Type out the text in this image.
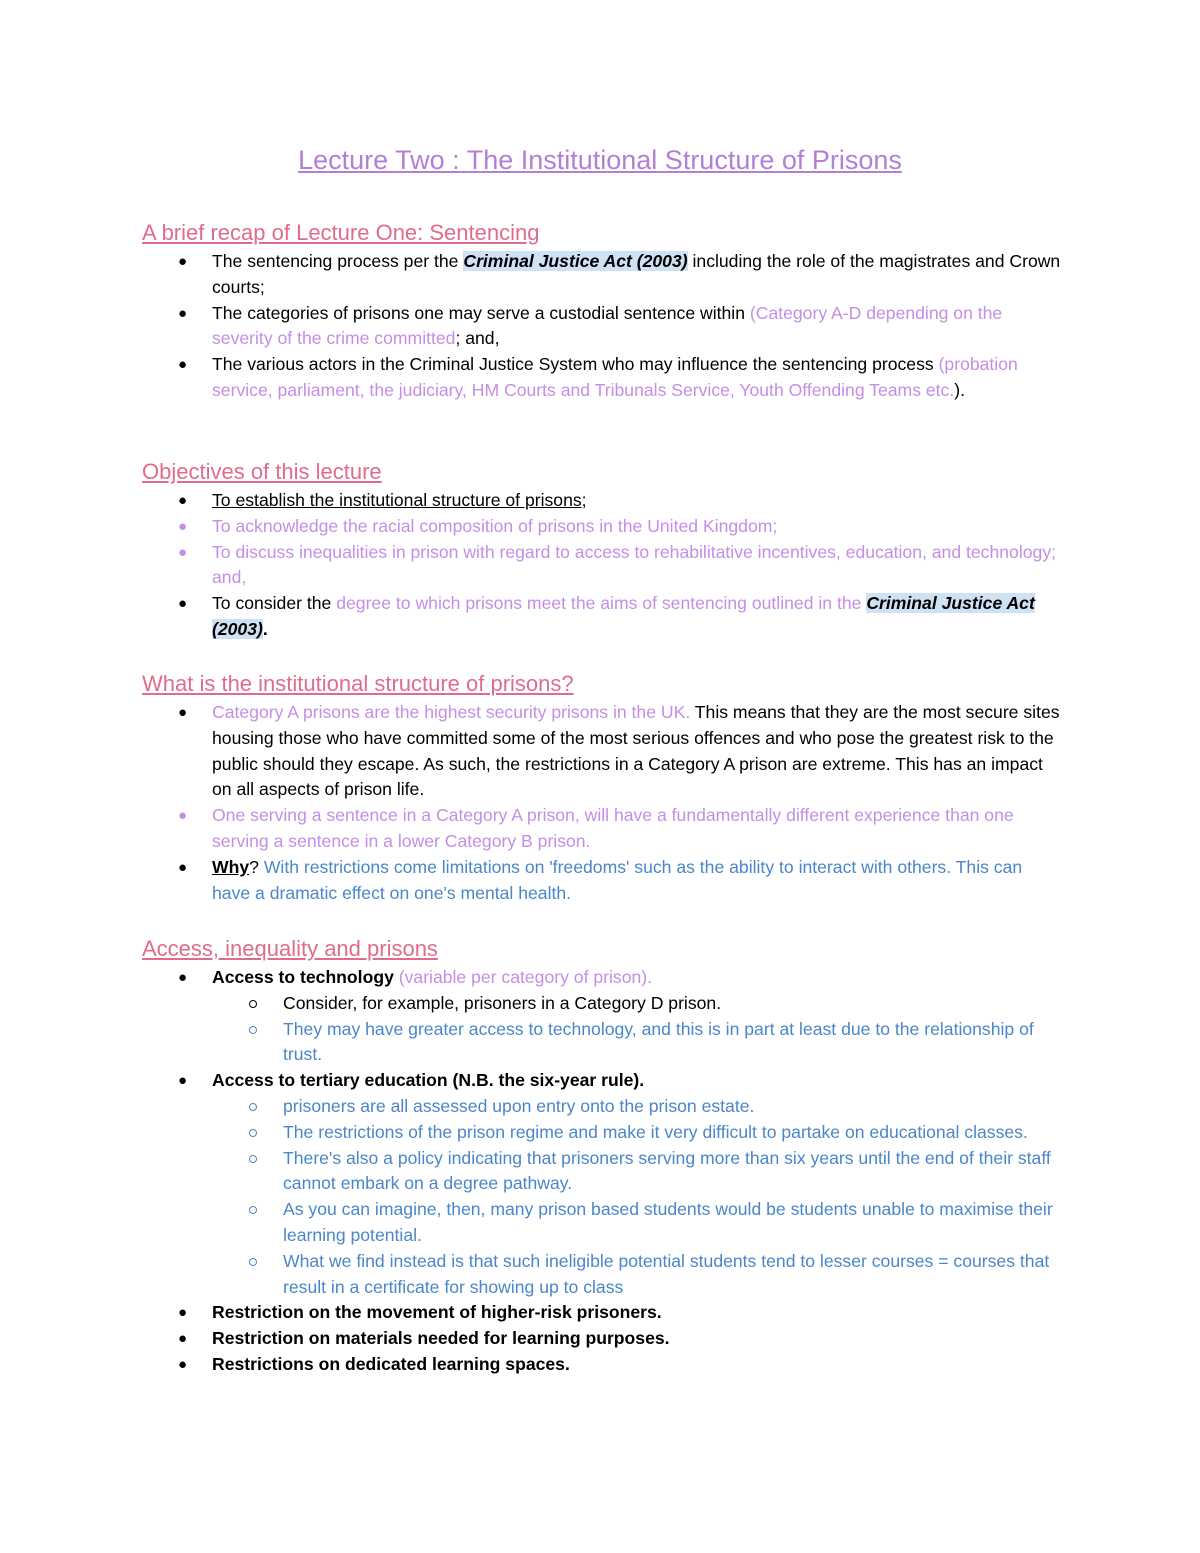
Lecture Two : The Institutional Structure of Prisons
A brief recap of Lecture One: Sentencing
● The sentencing process per the Criminal Justice Act (2003) including the role of the magistrates and Crown courts;
● The categories of prisons one may serve a custodial sentence within (Category A-D depending on the severity of the crime committed; and,
● The various actors in the Criminal Justice System who may influence the sentencing process (probation service, parliament, the judiciary, HM Courts and Tribunals Service, Youth Offending Teams etc.).
Objectives of this lecture
● To establish the institutional structure of prisons;
● To acknowledge the racial composition of prisons in the United Kingdom;
● To discuss inequalities in prison with regard to access to rehabilitative incentives, education, and technology; and,
● To consider the degree to which prisons meet the aims of sentencing outlined in the Criminal Justice Act (2003).
What is the institutional structure of prisons?
● Category A prisons are the highest security prisons in the UK. This means that they are the most secure sites housing those who have committed some of the most serious offences and who pose the greatest risk to the public should they escape. As such, the restrictions in a Category A prison are extreme. This has an impact on all aspects of prison life.
● One serving a sentence in a Category A prison, will have a fundamentally different experience than one serving a sentence in a lower Category B prison.
● Why? With restrictions come limitations on 'freedoms' such as the ability to interact with others. This can have a dramatic effect on one's mental health.
Access, inequality and prisons
● Access to technology (variable per category of prison).
Consider, for example, prisoners in a Category D prison.
They may have greater access to technology, and this is in part at least due to the relationship of trust.
● Access to tertiary education (N.B. the six-year rule).
prisoners are all assessed upon entry onto the prison estate.
The restrictions of the prison regime and make it very difficult to partake on educational classes.
There's also a policy indicating that prisoners serving more than six years until the end of their staff cannot embark on a degree pathway.
As you can imagine, then, many prison based students would be students unable to maximise their learning potential.
What we find instead is that such ineligible potential students tend to lesser courses = courses that result in a certificate for showing up to class
● Restriction on the movement of higher-risk prisoners.
● Restriction on materials needed for learning purposes.
● Restrictions on dedicated learning spaces.
